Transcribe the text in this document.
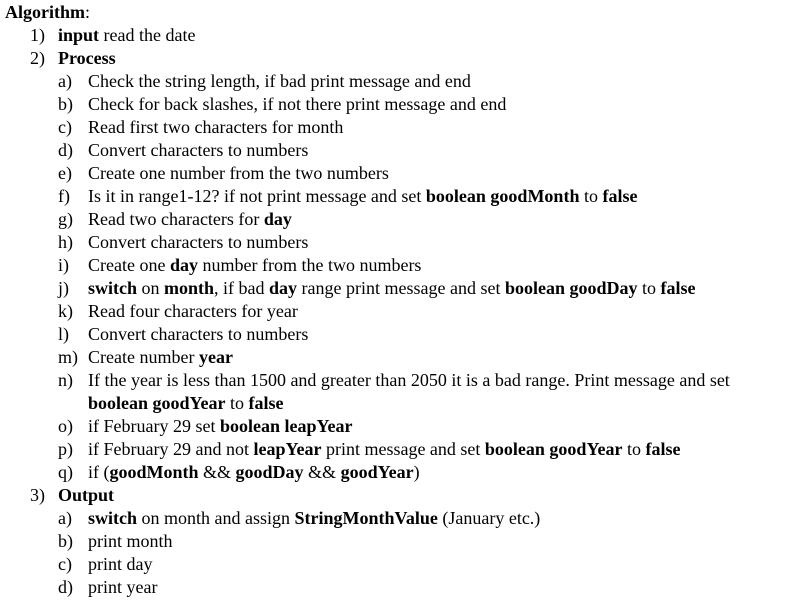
Algorithm:
1) input read the date
2) Process
a) Check the string length, if bad print message and end
b) Check for back slashes, if not there print message and end
c) Read first two characters for month
d) Convert characters to numbers
e) Create one number from the two numbers
f) Is it in range1-12? if not print message and set boolean goodMonth to false
g) Read two characters for day
h) Convert characters to numbers
i) Create one day number from the two numbers
j) switch on month, if bad day range print message and set boolean goodDay to false
k) Read four characters for year
l) Convert characters to numbers
m) Create number year
n) If the year is less than 1500 and greater than 2050 it is a bad range. Print message and set boolean goodYear to false
o) if February 29 set boolean leapYear
p) if February 29 and not leapYear print message and set boolean goodYear to false
q) if (goodMonth && goodDay && goodYear)
3) Output
a) switch on month and assign StringMonthValue (January etc.)
b) print month
c) print day
d) print year
